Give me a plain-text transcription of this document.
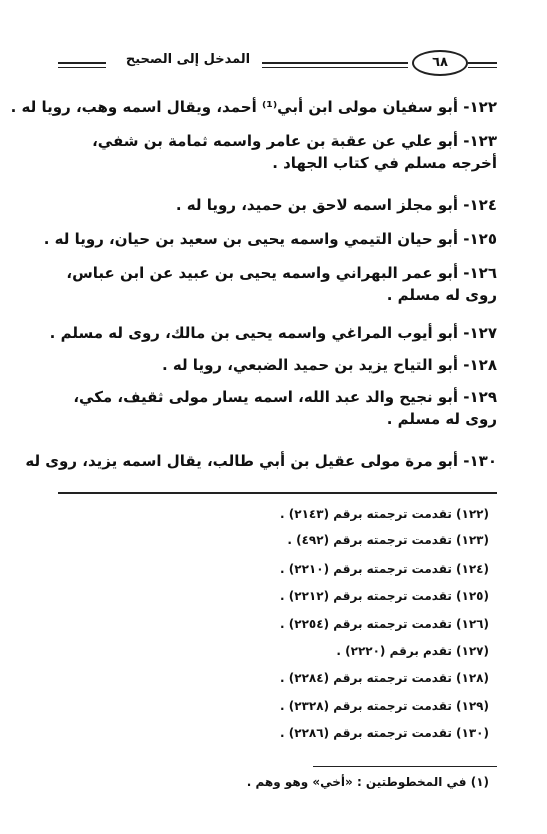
المدخل إلى الصحيح	٦٨
١٢٢- أبو سفيان مولى ابن أبي⁽¹⁾ أحمد، ويقال اسمه وهب، رويا له .
١٢٣- أبو علي عن عقبة بن عامر واسمه ثمامة بن شفي، أخرجه مسلم في كتاب الجهاد .
١٢٤- أبو مجلز اسمه لاحق بن حميد، رويا له .
١٢٥- أبو حيان التيمي واسمه يحيى بن سعيد بن حيان، رويا له .
١٢٦- أبو عمر البهراني واسمه يحيى بن عبيد عن ابن عباس، روى له مسلم .
١٢٧- أبو أيوب المراغي واسمه يحيى بن مالك، روى له مسلم .
١٢٨- أبو التياح يزيد بن حميد الضبعي، رويا له .
١٢٩- أبو نجيح والد عبد الله، اسمه يسار مولى ثقيف، مكي، روى له مسلم .
١٣٠- أبو مرة مولى عقيل بن أبي طالب، يقال اسمه يزيد، روى له
(١٢٢) تقدمت ترجمته برقم (٢١٤٣) .
(١٢٣) تقدمت ترجمته برقم (٤٩٢) .
(١٢٤) تقدمت ترجمته برقم (٢٢١٠) .
(١٢٥) تقدمت ترجمته برقم (٢٢١٢) .
(١٢٦) تقدمت ترجمته برقم (٢٢٥٤) .
(١٢٧) تقدم برقم (٢٢٢٠) .
(١٢٨) تقدمت ترجمته برقم (٢٢٨٤) .
(١٢٩) تقدمت ترجمته برقم (٢٣٢٨) .
(١٣٠) تقدمت ترجمته برقم (٢٢٨٦) .
(١) في المخطوطتين : «أخي» وهو وهم .
